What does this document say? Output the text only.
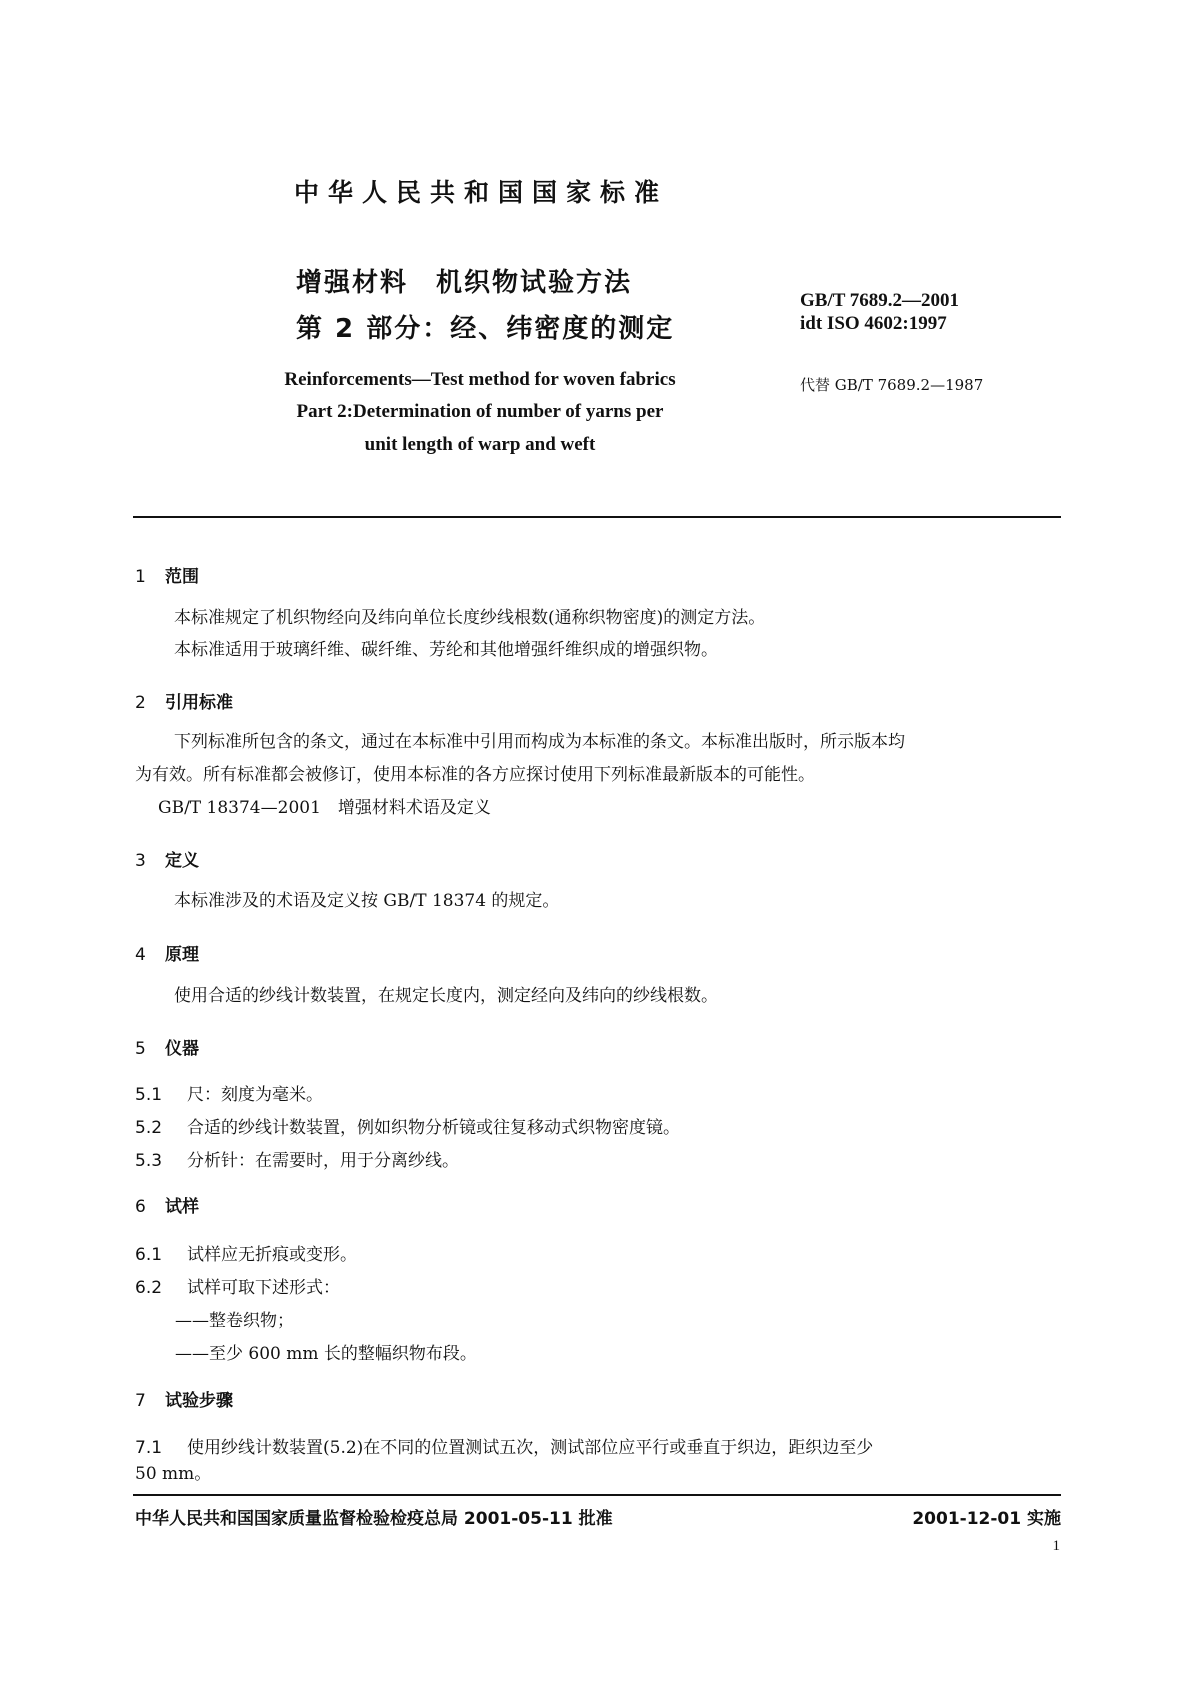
中华人民共和国国家标准
增强材料　机织物试验方法
第 2 部分：经、纬密度的测定
GB/T 7689.2—2001
idt ISO 4602:1997
代替 GB/T 7689.2—1987
Reinforcements—Test method for woven fabrics
Part 2:Determination of number of yarns per
unit length of warp and weft
1 范围
本标准规定了机织物经向及纬向单位长度纱线根数(通称织物密度)的测定方法。
本标准适用于玻璃纤维、碳纤维、芳纶和其他增强纤维织成的增强织物。
2 引用标准
下列标准所包含的条文，通过在本标准中引用而构成为本标准的条文。本标准出版时，所示版本均
为有效。所有标准都会被修订，使用本标准的各方应探讨使用下列标准最新版本的可能性。
GB/T 18374—2001　增强材料术语及定义
3 定义
本标准涉及的术语及定义按 GB/T 18374 的规定。
4 原理
使用合适的纱线计数装置，在规定长度内，测定经向及纬向的纱线根数。
5 仪器
5.1 尺：刻度为毫米。
5.2 合适的纱线计数装置，例如织物分析镜或往复移动式织物密度镜。
5.3 分析针：在需要时，用于分离纱线。
6 试样
6.1 试样应无折痕或变形。
6.2 试样可取下述形式：
——整卷织物；
——至少 600 mm 长的整幅织物布段。
7 试验步骤
7.1 使用纱线计数装置(5.2)在不同的位置测试五次，测试部位应平行或垂直于织边，距织边至少
50 mm。
中华人民共和国国家质量监督检验检疫总局 2001-05-11 批准	2001-12-01 实施
1
